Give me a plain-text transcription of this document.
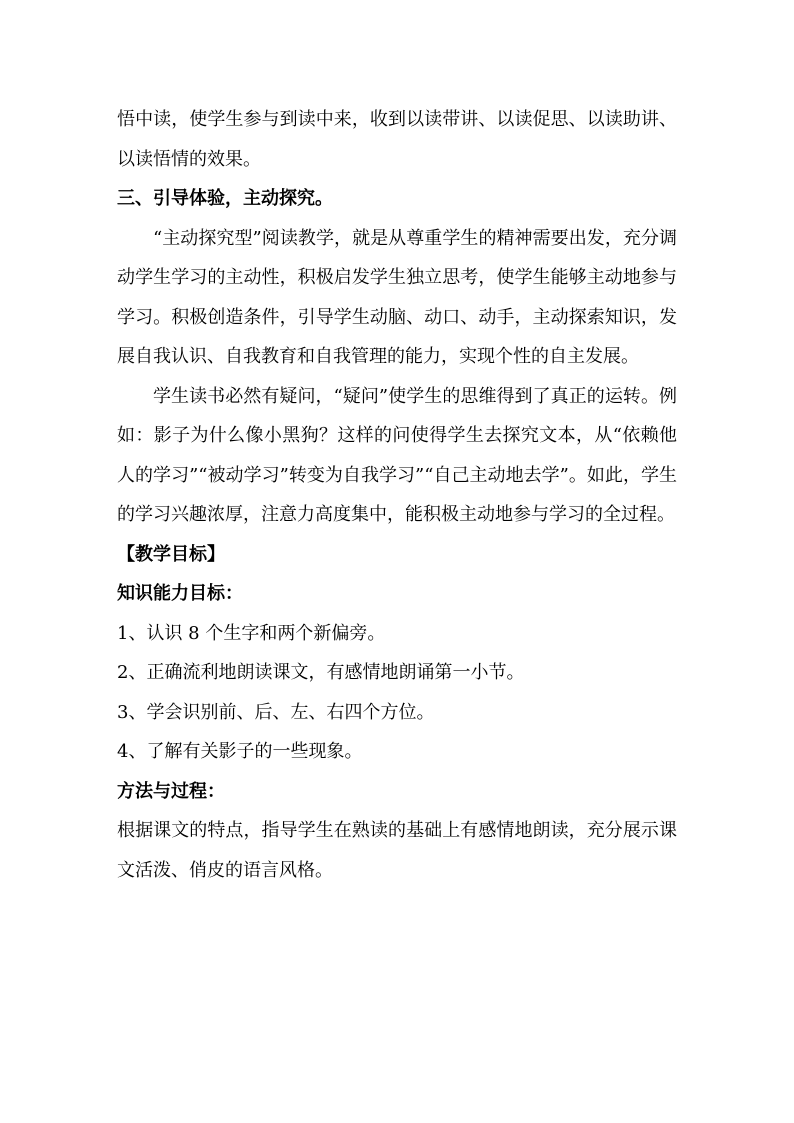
悟中读，使学生参与到读中来，收到以读带讲、以读促思、以读助讲、以读悟情的效果。

三、引导体验，主动探究。

“主动探究型”阅读教学，就是从尊重学生的精神需要出发，充分调动学生学习的主动性，积极启发学生独立思考，使学生能够主动地参与学习。积极创造条件，引导学生动脑、动口、动手，主动探索知识，发展自我认识、自我教育和自我管理的能力，实现个性的自主发展。

学生读书必然有疑问，“疑问”使学生的思维得到了真正的运转。例如：影子为什么像小黑狗？这样的问使得学生去探究文本，从“依赖他人的学习”“被动学习”转变为自我学习”“自己主动地去学”。如此，学生的学习兴趣浓厚，注意力高度集中，能积极主动地参与学习的全过程。

【教学目标】

知识能力目标：

1、认识 8 个生字和两个新偏旁。

2、正确流利地朗读课文，有感情地朗诵第一小节。

3、学会识别前、后、左、右四个方位。

4、了解有关影子的一些现象。

方法与过程：

根据课文的特点，指导学生在熟读的基础上有感情地朗读，充分展示课文活泼、俏皮的语言风格。
